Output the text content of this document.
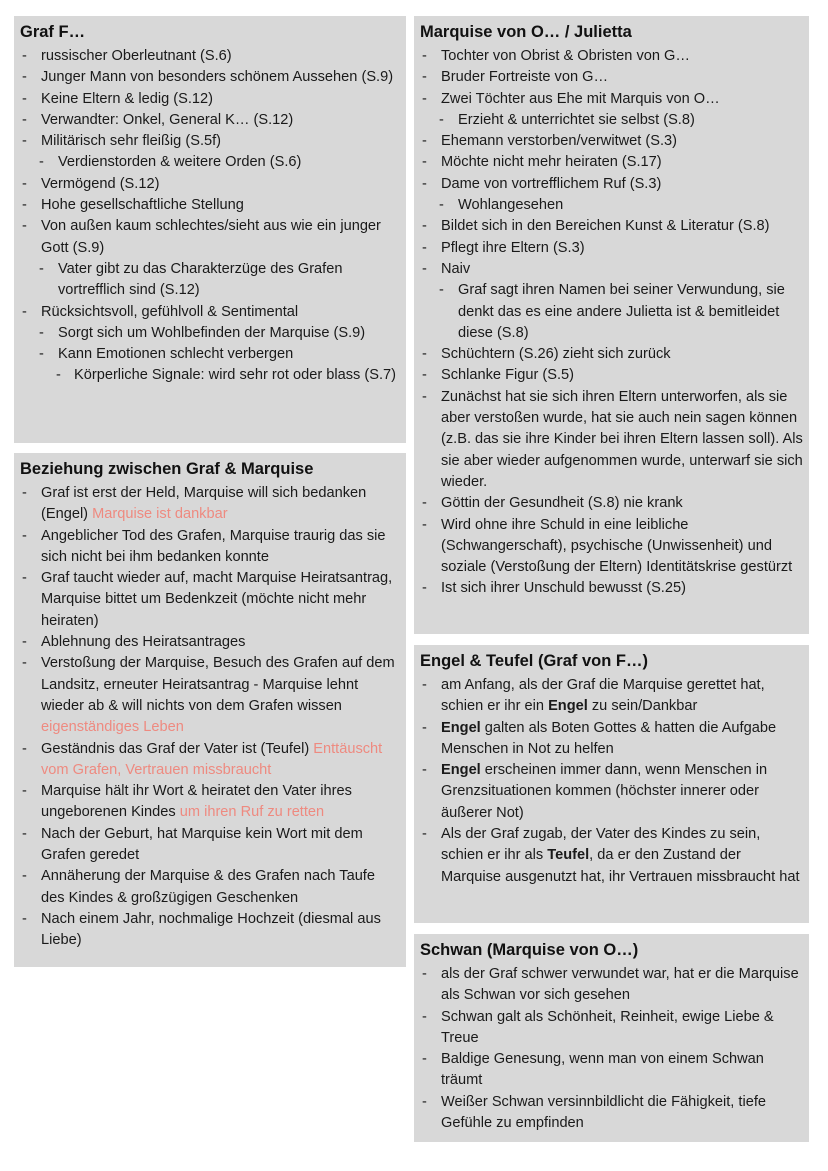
Graf F…
- russischer Oberleutnant (S.6)
- Junger Mann von besonders schönem Aussehen (S.9)
- Keine Eltern & ledig (S.12)
- Verwandter: Onkel, General K… (S.12)
- Militärisch sehr fleißig (S.5f)
- Verdienstorden & weitere Orden (S.6)
- Vermögend (S.12)
- Hohe gesellschaftliche Stellung
- Von außen kaum schlechtes/sieht aus wie ein junger Gott (S.9)
- Vater gibt zu das Charakterzüge des Grafen vortrefflich sind (S.12)
- Rücksichtsvoll, gefühlvoll & Sentimental
- Sorgt sich um Wohlbefinden der Marquise (S.9)
- Kann Emotionen schlecht verbergen
- Körperliche Signale: wird sehr rot oder blass (S.7)
Beziehung zwischen Graf & Marquise
- Graf ist erst der Held, Marquise will sich bedanken (Engel) Marquise ist dankbar
- Angeblicher Tod des Grafen, Marquise traurig das sie sich nicht bei ihm bedanken konnte
- Graf taucht wieder auf, macht Marquise Heiratsantrag, Marquise bittet um Bedenkzeit (möchte nicht mehr heiraten)
- Ablehnung des Heiratsantrages
- Verstoßung der Marquise, Besuch des Grafen auf dem Landsitz, erneuter Heiratsantrag - Marquise lehnt wieder ab & will nichts von dem Grafen wissen eigenständiges Leben
- Geständnis das Graf der Vater ist (Teufel) Enttäuscht vom Grafen, Vertrauen missbraucht
- Marquise hält ihr Wort & heiratet den Vater ihres ungeborenen Kindes um ihren Ruf zu retten
- Nach der Geburt, hat Marquise kein Wort mit dem Grafen geredet
- Annäherung der Marquise & des Grafen nach Taufe des Kindes & großzügigen Geschenken
- Nach einem Jahr, nochmalige Hochzeit (diesmal aus Liebe)
Marquise von O… / Julietta
- Tochter von Obrist & Obristen von G…
- Bruder Fortreiste von G…
- Zwei Töchter aus Ehe mit Marquis von O…
- Erzieht & unterrichtet sie selbst (S.8)
- Ehemann verstorben/verwitwet (S.3)
- Möchte nicht mehr heiraten (S.17)
- Dame von vortrefflichem Ruf (S.3)
- Wohlangesehen
- Bildet sich in den Bereichen Kunst & Literatur (S.8)
- Pflegt ihre Eltern (S.3)
- Naiv
- Graf sagt ihren Namen bei seiner Verwundung, sie denkt das es eine andere Julietta ist & bemitleidet diese (S.8)
- Schüchtern (S.26) zieht sich zurück
- Schlanke Figur (S.5)
- Zunächst hat sie sich ihren Eltern unterworfen, als sie aber verstoßen wurde, hat sie auch nein sagen können (z.B. das sie ihre Kinder bei ihren Eltern lassen soll). Als sie aber wieder aufgenommen wurde, unterwarf sie sich wieder.
- Göttin der Gesundheit (S.8) nie krank
- Wird ohne ihre Schuld in eine leibliche (Schwangerschaft), psychische (Unwissenheit) und soziale (Verstoßung der Eltern) Identitätskrise gestürzt
- Ist sich ihrer Unschuld bewusst (S.25)
Engel & Teufel (Graf von F…)
- am Anfang, als der Graf die Marquise gerettet hat, schien er ihr ein Engel zu sein/Dankbar
- Engel galten als Boten Gottes & hatten die Aufgabe Menschen in Not zu helfen
- Engel erscheinen immer dann, wenn Menschen in Grenzsituationen kommen (höchster innerer oder äußerer Not)
- Als der Graf zugab, der Vater des Kindes zu sein, schien er ihr als Teufel, da er den Zustand der Marquise ausgenutzt hat, ihr Vertrauen missbraucht hat
Schwan (Marquise von O…)
- als der Graf schwer verwundet war, hat er die Marquise als Schwan vor sich gesehen
- Schwan galt als Schönheit, Reinheit, ewige Liebe & Treue
- Baldige Genesung, wenn man von einem Schwan träumt
- Weißer Schwan versinnbildlicht die Fähigkeit, tiefe Gefühle zu empfinden
